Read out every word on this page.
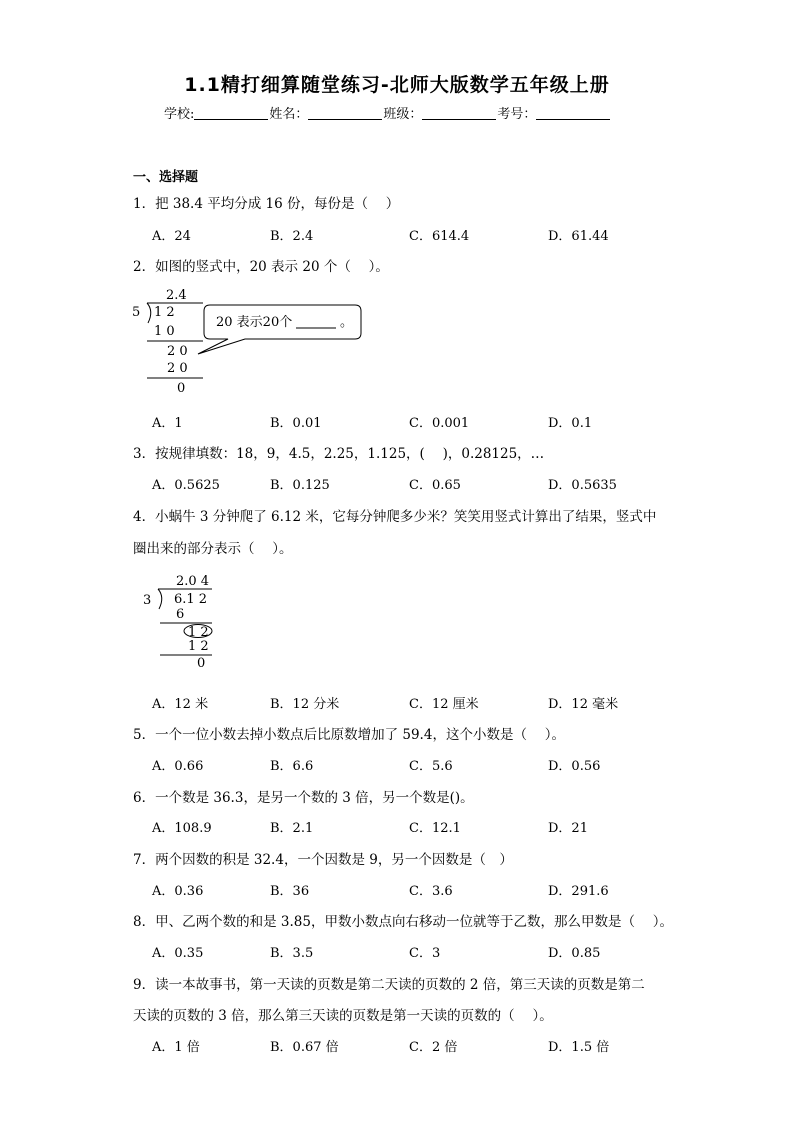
1.1精打细算随堂练习-北师大版数学五年级上册
学校:	姓名：	班级：	考号：
一、选择题
1．把 38.4 平均分成 16 份，每份是（　 ）
A．24	B．2.4	C．614.4	D．61.44
2．如图的竖式中，20 表示 20 个（　 ）。
2.4
5 1 2
1 0
2 0
2 0
0
20 表示20个	。
A．1	B．0.01	C．0.001	D．0.1
3．按规律填数：18，9，4.5，2.25，1.125，(　 )，0.28125，…
A．0.5625	B．0.125	C．0.65	D．0.5635
4．小蜗牛 3 分钟爬了 6.12 米，它每分钟爬多少米？笑笑用竖式计算出了结果，竖式中
圈出来的部分表示（　 ）。
2.0 4
3 6.1 2
6
1 2
1 2
0
A．12 米	B．12 分米	C．12 厘米	D．12 毫米
5．一个一位小数去掉小数点后比原数增加了 59.4，这个小数是（　 ）。
A．0.66	B．6.6	C．5.6	D．0.56
6．一个数是 36.3，是另一个数的 3 倍，另一个数是()。
A．108.9	B．2.1	C．12.1	D．21
7．两个因数的积是 32.4，一个因数是 9，另一个因数是（　）
A．0.36	B．36	C．3.6	D．291.6
8．甲、乙两个数的和是 3.85，甲数小数点向右移动一位就等于乙数，那么甲数是（　 ）。
A．0.35	B．3.5	C．3	D．0.85
9．读一本故事书，第一天读的页数是第二天读的页数的 2 倍，第三天读的页数是第二
天读的页数的 3 倍，那么第三天读的页数是第一天读的页数的（　 ）。
A．1 倍	B．0.67 倍	C．2 倍	D．1.5 倍
